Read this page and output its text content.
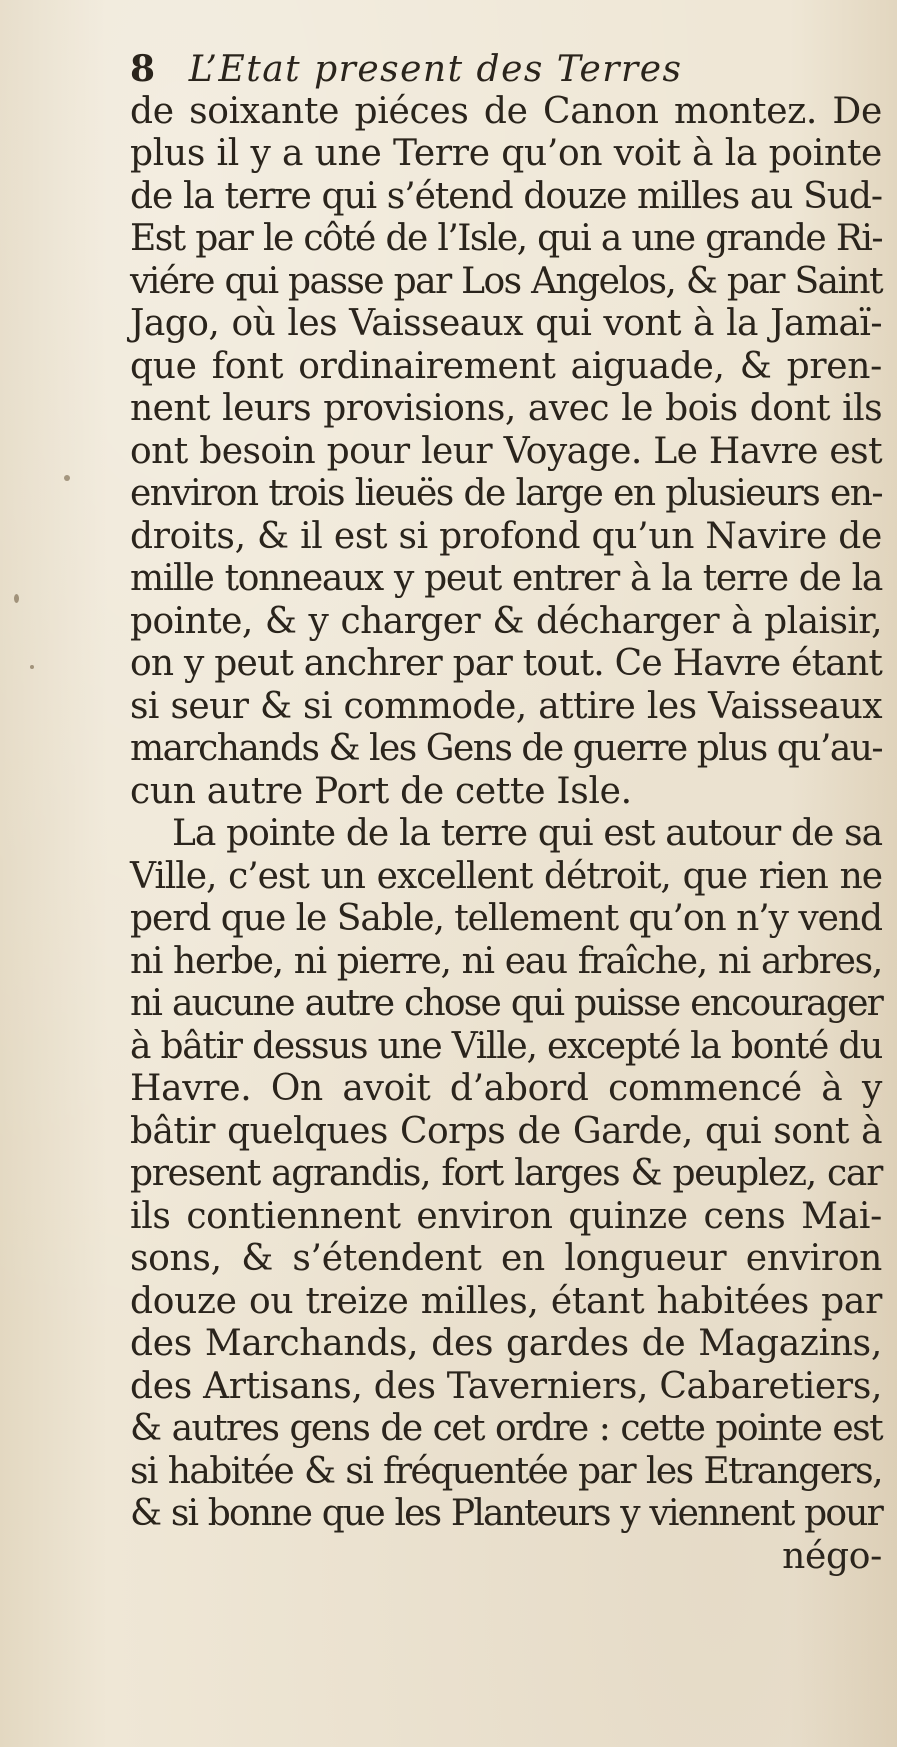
8 L’Etat present des Terres
de soixante piéces de Canon montez. De
plus il y a une Terre qu’on voit à la pointe
de la terre qui s’étend douze milles au Sud-
Est par le côté de l’Isle, qui a une grande Ri-
viére qui passe par Los Angelos, & par Saint
Jago, où les Vaisseaux qui vont à la Jamaï-
que font ordinairement aiguade, & pren-
nent leurs provisions, avec le bois dont ils
ont besoin pour leur Voyage. Le Havre est
environ trois lieuës de large en plusieurs en-
droits, & il est si profond qu’un Navire de
mille tonneaux y peut entrer à la terre de la
pointe, & y charger & décharger à plaisir,
on y peut anchrer par tout. Ce Havre étant
si seur & si commode, attire les Vaisseaux
marchands & les Gens de guerre plus qu’au-
cun autre Port de cette Isle.
La pointe de la terre qui est autour de sa
Ville, c’est un excellent détroit, que rien ne
perd que le Sable, tellement qu’on n’y vend
ni herbe, ni pierre, ni eau fraîche, ni arbres,
ni aucune autre chose qui puisse encourager
à bâtir dessus une Ville, excepté la bonté du
Havre. On avoit d’abord commencé à y
bâtir quelques Corps de Garde, qui sont à
present agrandis, fort larges & peuplez, car
ils contiennent environ quinze cens Mai-
sons, & s’étendent en longueur environ
douze ou treize milles, étant habitées par
des Marchands, des gardes de Magazins,
des Artisans, des Taverniers, Cabaretiers,
& autres gens de cet ordre : cette pointe est
si habitée & si fréquentée par les Etrangers,
& si bonne que les Planteurs y viennent pour
négo-
